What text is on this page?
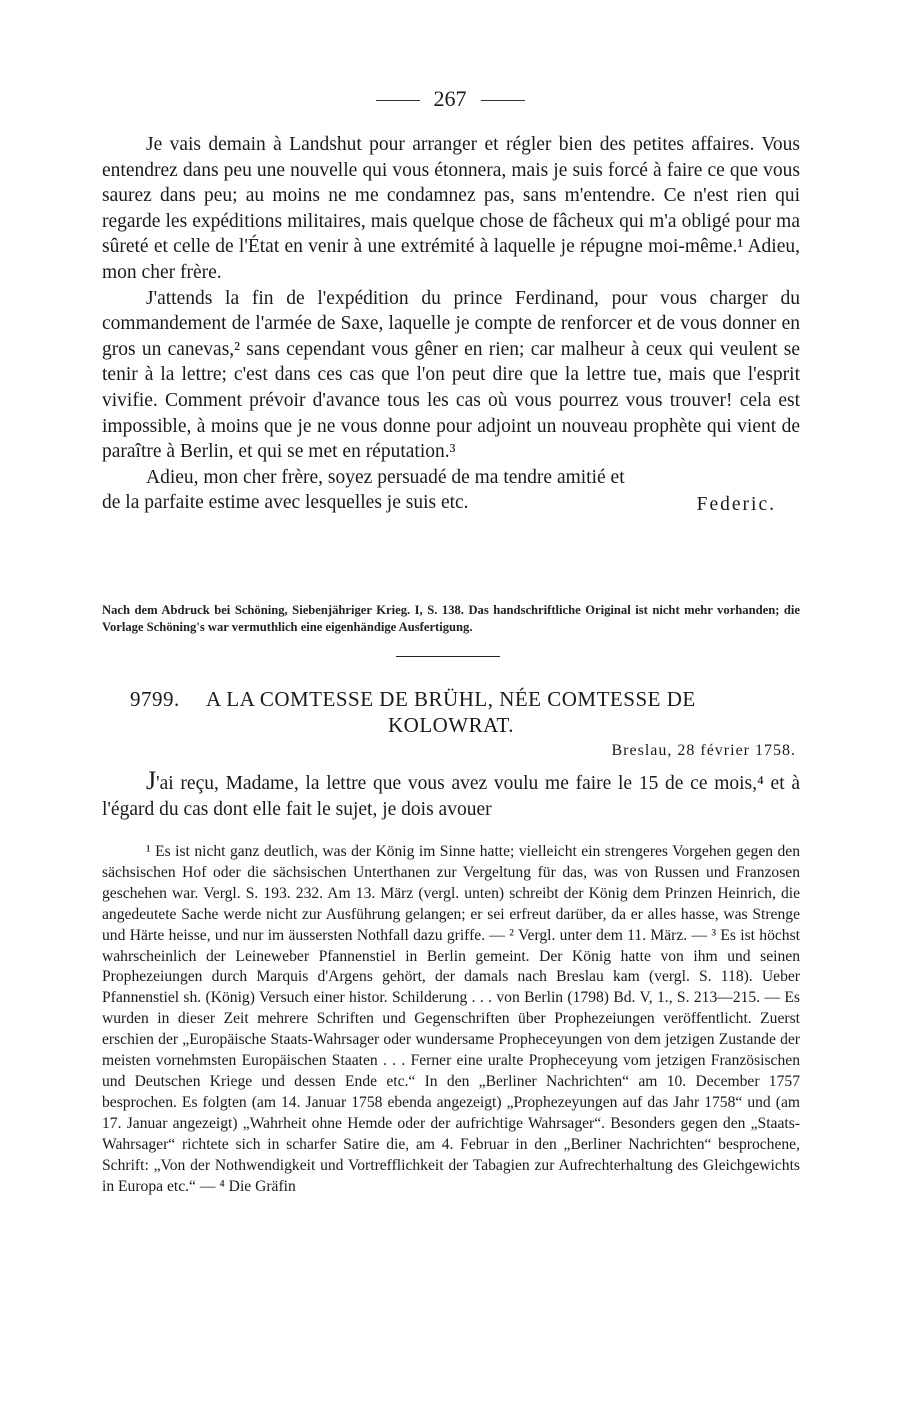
267

Je vais demain à Landshut pour arranger et régler bien des petites affaires. Vous entendrez dans peu une nouvelle qui vous étonnera, mais je suis forcé à faire ce que vous saurez dans peu; au moins ne me condamnez pas, sans m'entendre. Ce n'est rien qui regarde les expéditions militaires, mais quelque chose de fâcheux qui m'a obligé pour ma sûreté et celle de l'État en venir à une extrémité à laquelle je répugne moi-même.¹ Adieu, mon cher frère.

J'attends la fin de l'expédition du prince Ferdinand, pour vous charger du commandement de l'armée de Saxe, laquelle je compte de renforcer et de vous donner en gros un canevas,² sans cependant vous gêner en rien; car malheur à ceux qui veulent se tenir à la lettre; c'est dans ces cas que l'on peut dire que la lettre tue, mais que l'esprit vivifie. Comment prévoir d'avance tous les cas où vous pourrez vous trouver! cela est impossible, à moins que je ne vous donne pour adjoint un nouveau prophète qui vient de paraître à Berlin, et qui se met en réputation.³

Adieu, mon cher frère, soyez persuadé de ma tendre amitié et

de la parfaite estime avec lesquelles je suis etc.	Federic.
Nach dem Abdruck bei Schöning, Siebenjähriger Krieg. I, S. 138. Das handschriftliche Original ist nicht mehr vorhanden; die Vorlage Schöning's war vermuthlich eine eigenhändige Ausfertigung.
9799. A LA COMTESSE DE BRÜHL, NÉE COMTESSE DE
KOLOWRAT.
Breslau, 28 février 1758.

J'ai reçu, Madame, la lettre que vous avez voulu me faire le 15 de ce mois,⁴ et à l'égard du cas dont elle fait le sujet, je dois avouer

¹ Es ist nicht ganz deutlich, was der König im Sinne hatte; vielleicht ein strengeres Vorgehen gegen den sächsischen Hof oder die sächsischen Unterthanen zur Vergeltung für das, was von Russen und Franzosen geschehen war. Vergl. S. 193. 232. Am 13. März (vergl. unten) schreibt der König dem Prinzen Heinrich, die angedeutete Sache werde nicht zur Ausführung gelangen; er sei erfreut darüber, da er alles hasse, was Strenge und Härte heisse, und nur im äussersten Nothfall dazu griffe. — ² Vergl. unter dem 11. März. — ³ Es ist höchst wahrscheinlich der Leineweber Pfannenstiel in Berlin gemeint. Der König hatte von ihm und seinen Prophezeiungen durch Marquis d'Argens gehört, der damals nach Breslau kam (vergl. S. 118). Ueber Pfannenstiel sh. (König) Versuch einer histor. Schilderung . . . von Berlin (1798) Bd. V, 1., S. 213—215. — Es wurden in dieser Zeit mehrere Schriften und Gegenschriften über Prophezeiungen veröffentlicht. Zuerst erschien der „Europäische Staats-Wahrsager oder wundersame Propheceyungen von dem jetzigen Zustande der meisten vornehmsten Europäischen Staaten . . . Ferner eine uralte Propheceyung vom jetzigen Französischen und Deutschen Kriege und dessen Ende etc.“ In den „Berliner Nachrichten“ am 10. December 1757 besprochen. Es folgten (am 14. Januar 1758 ebenda angezeigt) „Prophezeyungen auf das Jahr 1758“ und (am 17. Januar angezeigt) „Wahrheit ohne Hemde oder der aufrichtige Wahrsager“. Besonders gegen den „Staats-Wahrsager“ richtete sich in scharfer Satire die, am 4. Februar in den „Berliner Nachrichten“ besprochene, Schrift: „Von der Nothwendigkeit und Vortrefflichkeit der Tabagien zur Aufrechterhaltung des Gleichgewichts in Europa etc.“ — ⁴ Die Gräfin
